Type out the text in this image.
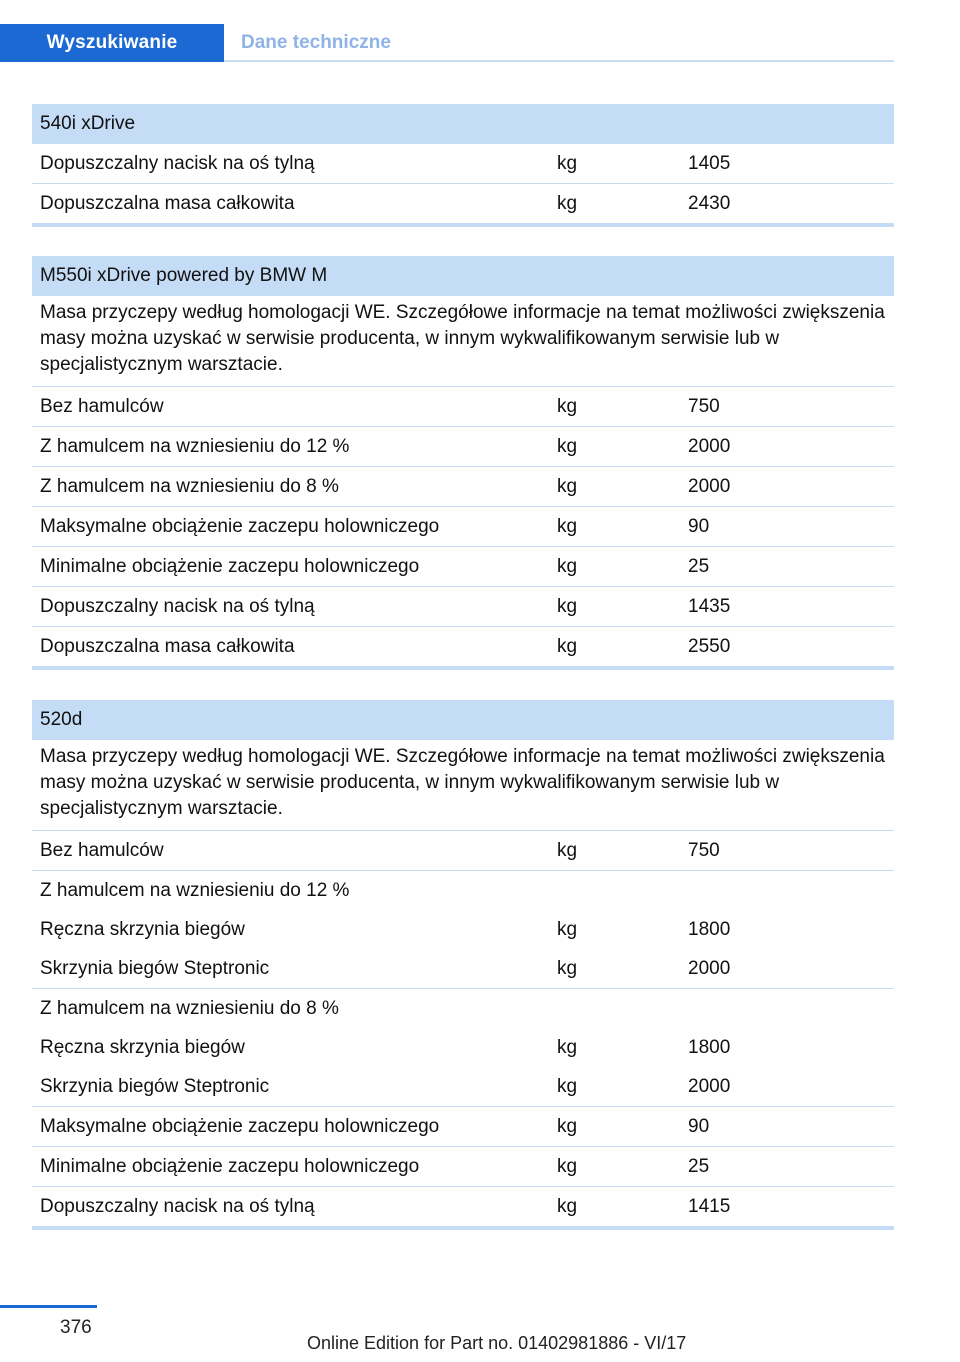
Wyszukiwanie	Dane techniczne
540i xDrive
Dopuszczalny nacisk na oś tylną	kg	1405
Dopuszczalna masa całkowita	kg	2430
M550i xDrive powered by BMW M
Masa przyczepy według homologacji WE. Szczegółowe informacje na temat możliwości zwiększenia masy można uzyskać w serwisie producenta, w innym wykwalifikowanym serwisie lub w specjalistycznym warsztacie.
Bez hamulców	kg	750
Z hamulcem na wzniesieniu do 12 %	kg	2000
Z hamulcem na wzniesieniu do 8 %	kg	2000
Maksymalne obciążenie zaczepu holowniczego	kg	90
Minimalne obciążenie zaczepu holowniczego	kg	25
Dopuszczalny nacisk na oś tylną	kg	1435
Dopuszczalna masa całkowita	kg	2550
520d
Masa przyczepy według homologacji WE. Szczegółowe informacje na temat możliwości zwiększenia masy można uzyskać w serwisie producenta, w innym wykwalifikowanym serwisie lub w specjalistycznym warsztacie.
Bez hamulców	kg	750
Z hamulcem na wzniesieniu do 12 %
Ręczna skrzynia biegów	kg	1800
Skrzynia biegów Steptronic	kg	2000
Z hamulcem na wzniesieniu do 8 %
Ręczna skrzynia biegów	kg	1800
Skrzynia biegów Steptronic	kg	2000
Maksymalne obciążenie zaczepu holowniczego	kg	90
Minimalne obciążenie zaczepu holowniczego	kg	25
Dopuszczalny nacisk na oś tylną	kg	1415
376
Online Edition for Part no. 01402981886 - VI/17
